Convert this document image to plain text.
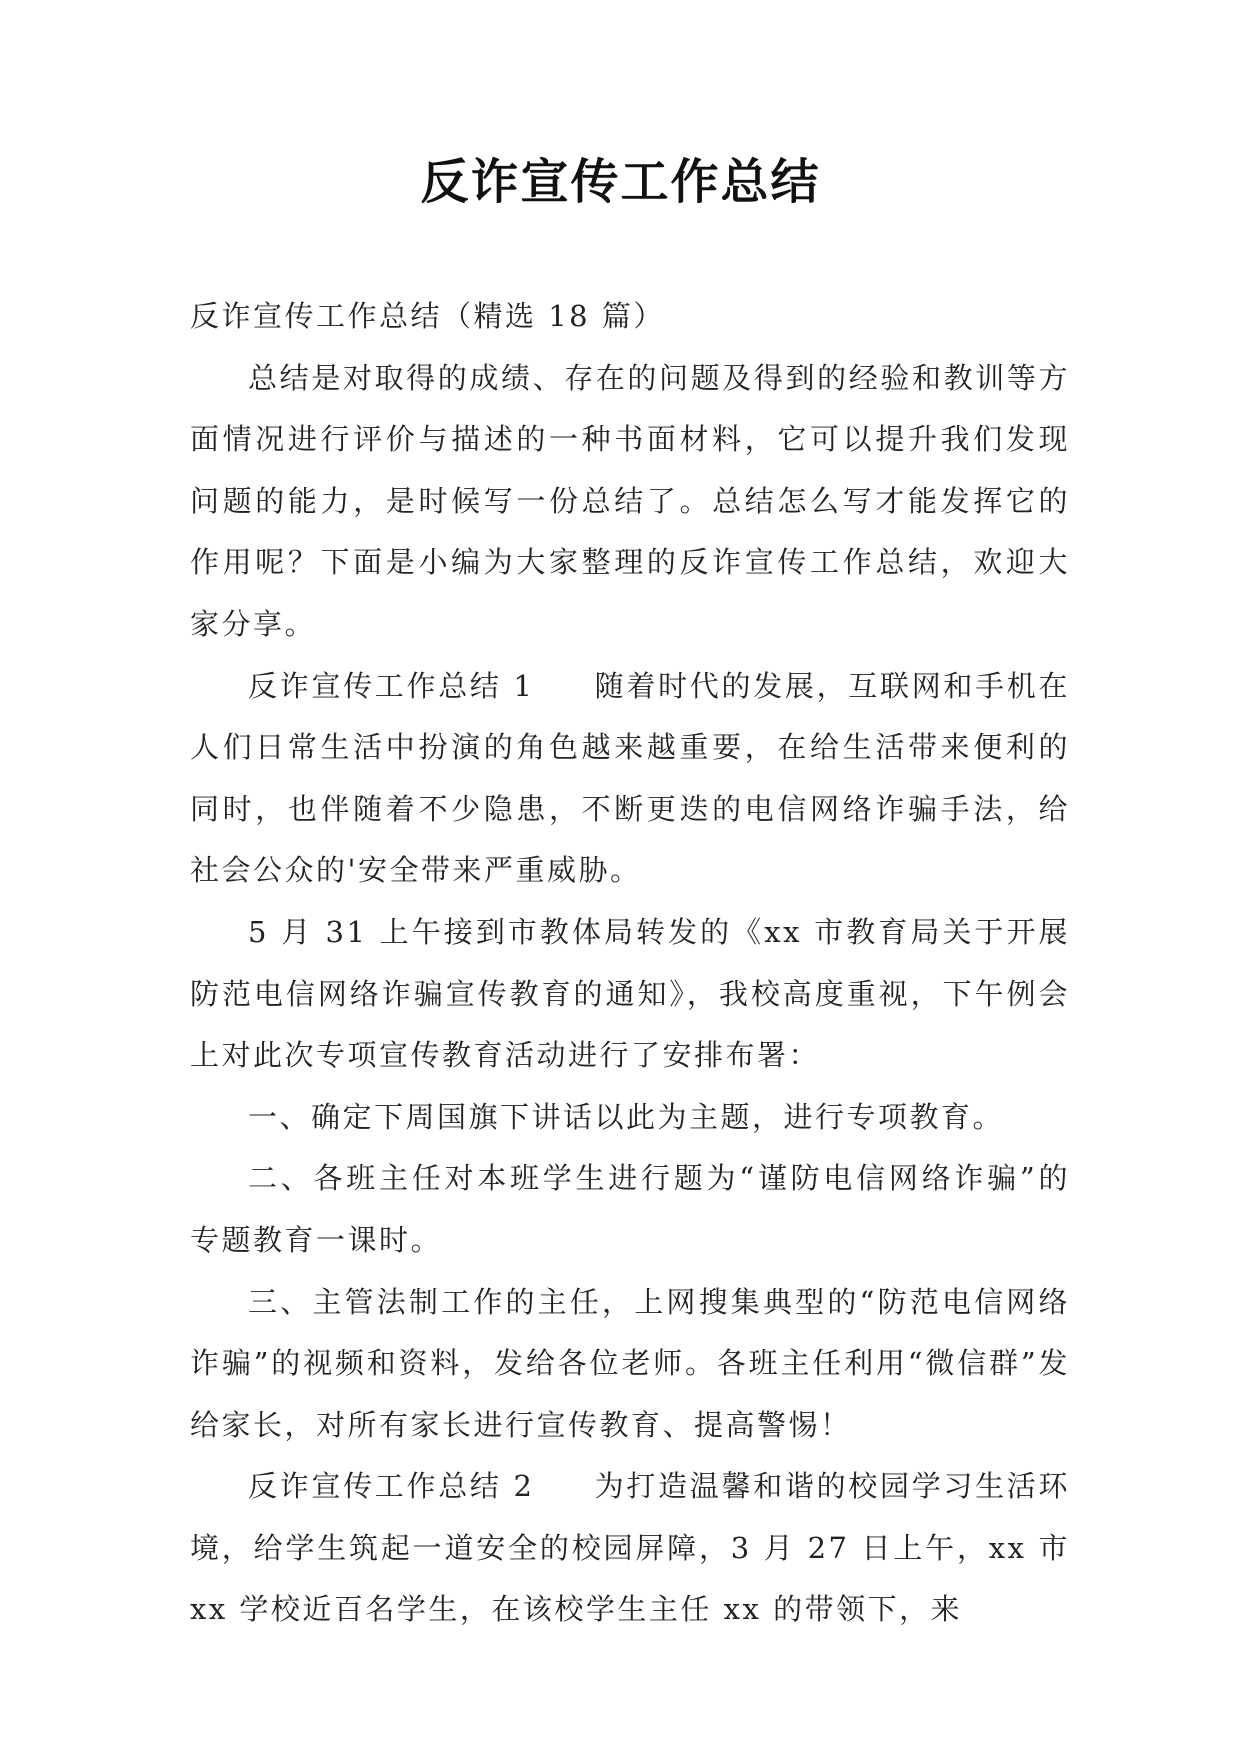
反诈宣传工作总结

反诈宣传工作总结（精选 18 篇）

总结是对取得的成绩、存在的问题及得到的经验和教训等方面情况进行评价与描述的一种书面材料，它可以提升我们发现问题的能力，是时候写一份总结了。总结怎么写才能发挥它的作用呢？下面是小编为大家整理的反诈宣传工作总结，欢迎大家分享。

反诈宣传工作总结 1 随着时代的发展，互联网和手机在人们日常生活中扮演的角色越来越重要，在给生活带来便利的同时，也伴随着不少隐患，不断更迭的电信网络诈骗手法，给社会公众的'安全带来严重威胁。

5 月 31 上午接到市教体局转发的《xx 市教育局关于开展防范电信网络诈骗宣传教育的通知》，我校高度重视，下午例会上对此次专项宣传教育活动进行了安排布署：

一、确定下周国旗下讲话以此为主题，进行专项教育。

二、各班主任对本班学生进行题为“谨防电信网络诈骗”的专题教育一课时。

三、主管法制工作的主任，上网搜集典型的“防范电信网络诈骗”的视频和资料，发给各位老师。各班主任利用“微信群”发给家长，对所有家长进行宣传教育、提高警惕！

反诈宣传工作总结 2 为打造温馨和谐的校园学习生活环境，给学生筑起一道安全的校园屏障，3 月 27 日上午，xx 市 xx 学校近百名学生，在该校学生主任 xx 的带领下，来
